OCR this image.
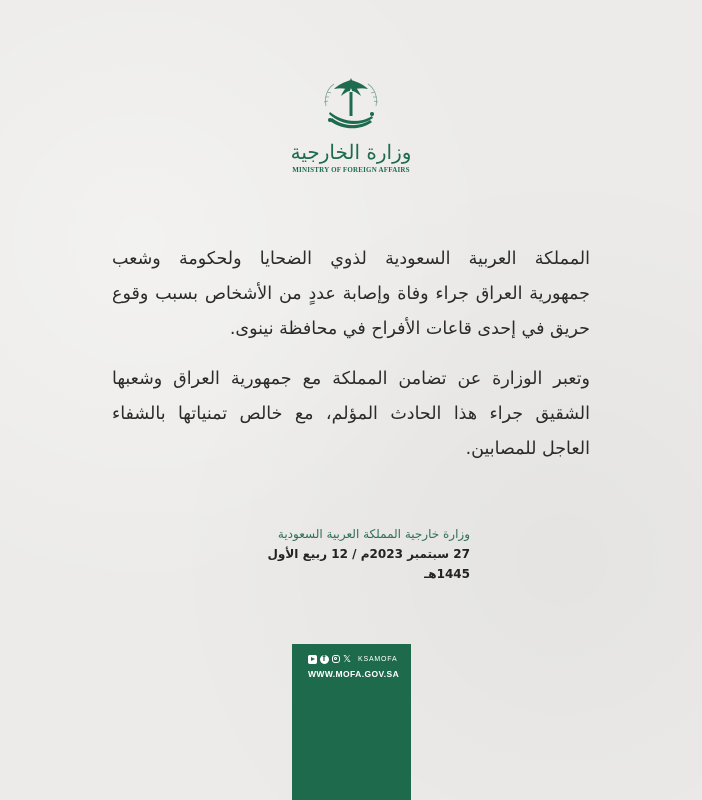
وزارة الخارجية
MINISTRY OF FOREIGN AFFAIRS
المملكة العربية السعودية لذوي الضحايا ولحكومة وشعب
جمهورية العراق جراء وفاة وإصابة عددٍ من الأشخاص بسبب وقوع
حريق في إحدى قاعات الأفراح في محافظة نينوى.
وتعبر الوزارة عن تضامن المملكة مع جمهورية العراق وشعبها
الشقيق جراء هذا الحادث المؤلم، مع خالص تمنياتها بالشفاء
العاجل للمصابين.
وزارة خارجية المملكة العربية السعودية
27 سبتمبر 2023م / 12 ربيع الأول 1445هـ
f
𝕏 KSAMOFA
WWW.MOFA.GOV.SA
